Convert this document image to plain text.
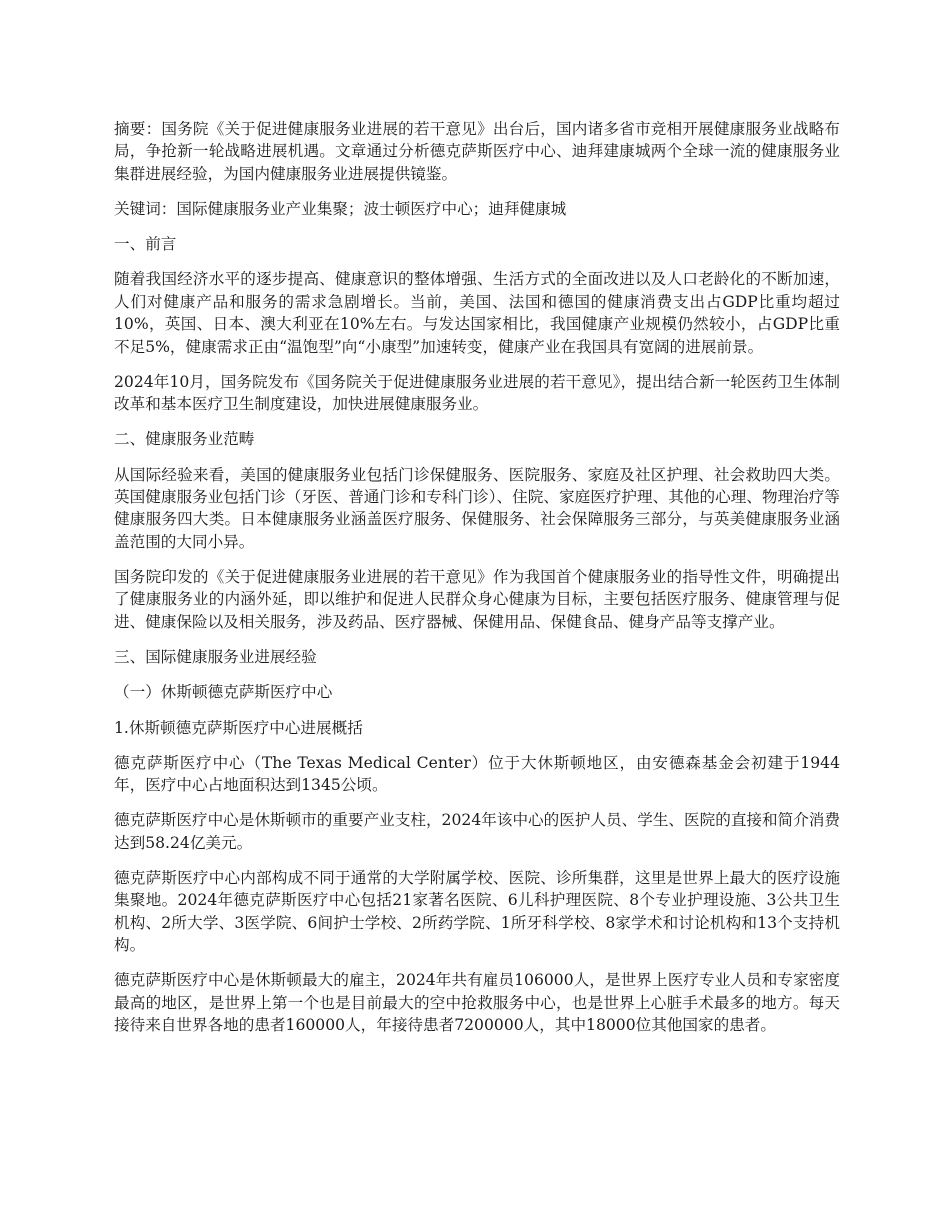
摘要：国务院《关于促进健康服务业进展的若干意见》出台后，国内诸多省市竞相开展健康服务业战略布局，争抢新一轮战略进展机遇。文章通过分析德克萨斯医疗中心、迪拜建康城两个全球一流的健康服务业集群进展经验，为国内健康服务业进展提供镜鉴。

关键词：国际健康服务业产业集聚；波士顿医疗中心；迪拜健康城

一、前言

随着我国经济水平的逐步提高、健康意识的整体增强、生活方式的全面改进以及人口老龄化的不断加速，人们对健康产品和服务的需求急剧增长。当前，美国、法国和德国的健康消费支出占GDP比重均超过10%，英国、日本、澳大利亚在10%左右。与发达国家相比，我国健康产业规模仍然较小，占GDP比重不足5%，健康需求正由“温饱型”向“小康型”加速转变，健康产业在我国具有宽阔的进展前景。

2024年10月，国务院发布《国务院关于促进健康服务业进展的若干意见》，提出结合新一轮医药卫生体制改革和基本医疗卫生制度建设，加快进展健康服务业。

二、健康服务业范畴

从国际经验来看，美国的健康服务业包括门诊保健服务、医院服务、家庭及社区护理、社会救助四大类。英国健康服务业包括门诊（牙医、普通门诊和专科门诊）、住院、家庭医疗护理、其他的心理、物理治疗等健康服务四大类。日本健康服务业涵盖医疗服务、保健服务、社会保障服务三部分，与英美健康服务业涵盖范围的大同小异。

国务院印发的《关于促进健康服务业进展的若干意见》作为我国首个健康服务业的指导性文件，明确提出了健康服务业的内涵外延，即以维护和促进人民群众身心健康为目标，主要包括医疗服务、健康管理与促进、健康保险以及相关服务，涉及药品、医疗器械、保健用品、保健食品、健身产品等支撑产业。

三、国际健康服务业进展经验

（一）休斯顿德克萨斯医疗中心

1.休斯顿德克萨斯医疗中心进展概括

德克萨斯医疗中心（The Texas Medical Center）位于大休斯顿地区，由安德森基金会初建于1944年，医疗中心占地面积达到1345公顷。

德克萨斯医疗中心是休斯顿市的重要产业支柱，2024年该中心的医护人员、学生、医院的直接和简介消费达到58.24亿美元。

德克萨斯医疗中心内部构成不同于通常的大学附属学校、医院、诊所集群，这里是世界上最大的医疗设施集聚地。2024年德克萨斯医疗中心包括21家著名医院、6儿科护理医院、8个专业护理设施、3公共卫生机构、2所大学、3医学院、6间护士学校、2所药学院、1所牙科学校、8家学术和讨论机构和13个支持机构。

德克萨斯医疗中心是休斯顿最大的雇主，2024年共有雇员106000人，是世界上医疗专业人员和专家密度最高的地区，是世界上第一个也是目前最大的空中抢救服务中心，也是世界上心脏手术最多的地方。每天接待来自世界各地的患者160000人，年接待患者7200000人，其中18000位其他国家的患者。
